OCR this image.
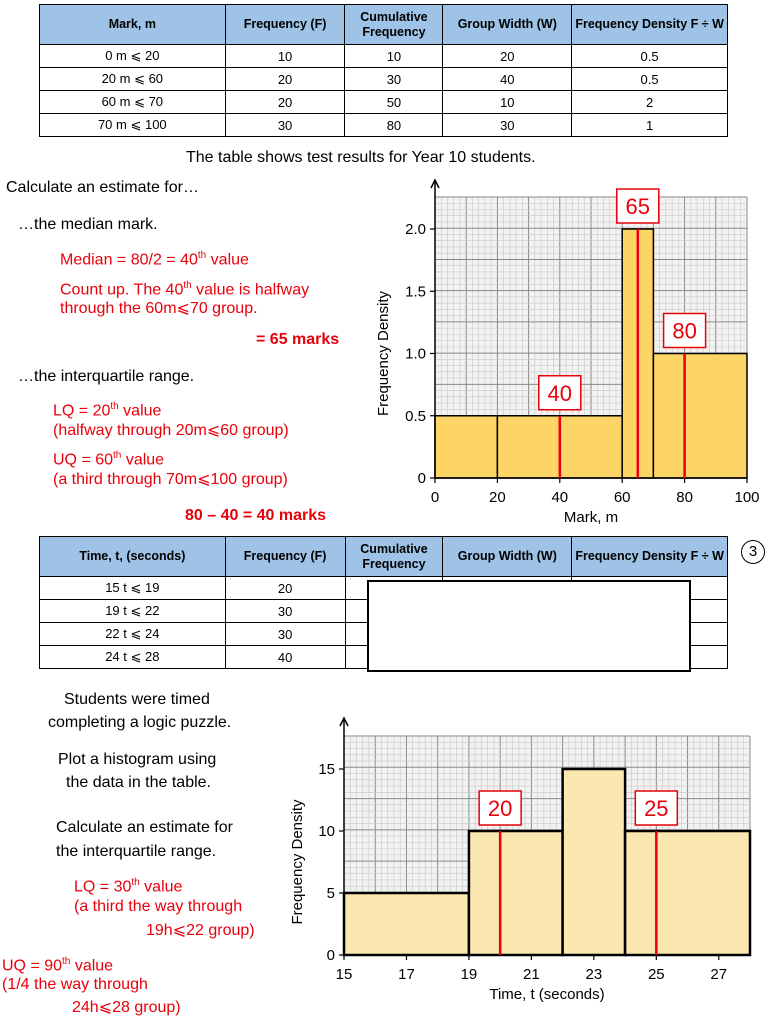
Mark, m	Frequency (F)	Cumulative Frequency	Group Width (W)	Frequency Density F ÷ W
0 m ⩽ 20	10	10	20	0.5
20 m ⩽ 60	20	30	40	0.5
60 m ⩽ 70	20	50	10	2
70 m ⩽ 100	30	80	30	1
The table shows test results for Year 10 students.
Calculate an estimate for…
…the median mark.
Median = 80/2 = 40th value
Count up. The 40th value is halfway
through the 60m⩽70 group.
= 65 marks
…the interquartile range.
LQ = 20th value
(halfway through 20m⩽60 group)
UQ = 60th value
(a third through 70m⩽100 group)
80 – 40 = 40 marks
0	20	40	60	80	100
0
0.5
1.0
1.5
2.0
Mark, m
Frequency Density	40
65
80
Time, t, (seconds)	Frequency (F)	Cumulative Frequency	Group Width (W)	Frequency Density F ÷ W
15 t ⩽ 19	20			
19 t ⩽ 22	30			
22 t ⩽ 24	30			
24 t ⩽ 28	40			
3
Students were timed
completing a logic puzzle.
Plot a histogram using
the data in the table.
Calculate an estimate for
the interquartile range.
LQ = 30th value
(a third the way through
19h⩽22 group)
UQ = 90th value
(1/4 the way through
24h⩽28 group)
15	17	19	21	23	25	27
0
5
10
15
Time, t (seconds)
Frequency Density	20	25
